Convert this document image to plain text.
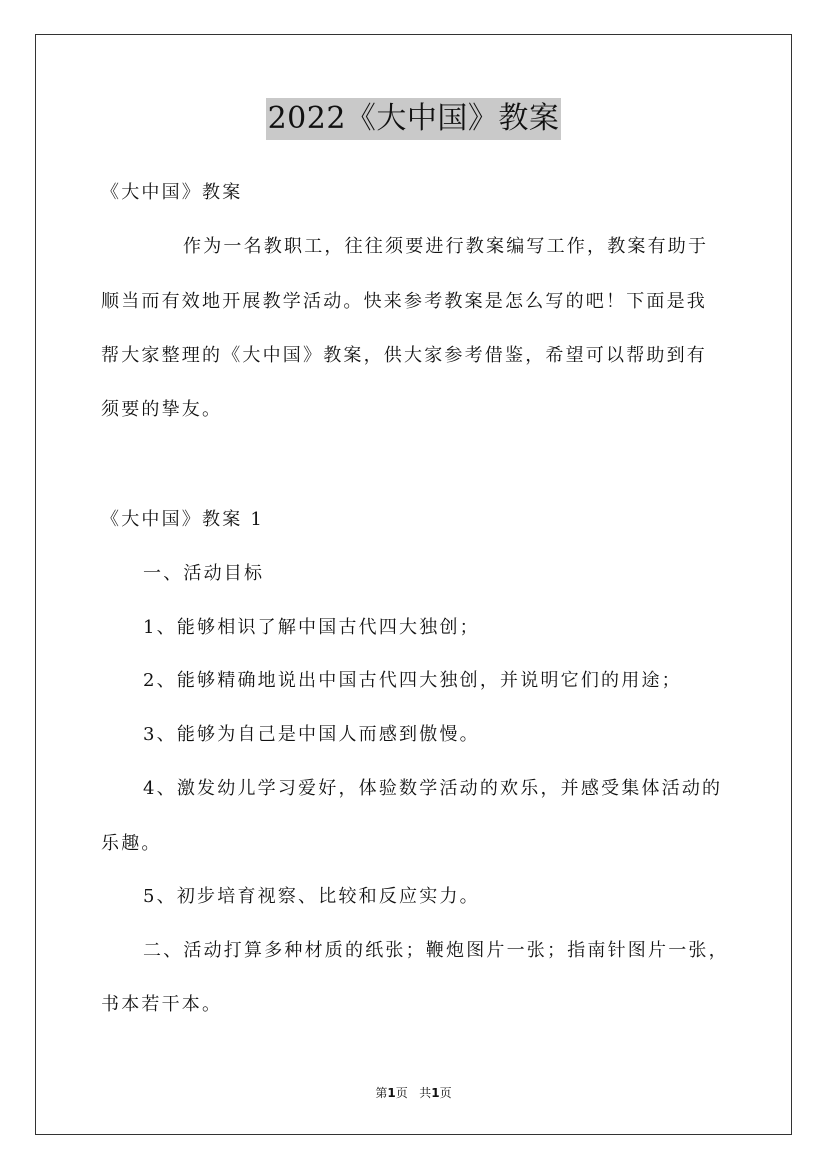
2022《大中国》教案
《大中国》教案
作为一名教职工，往往须要进行教案编写工作，教案有助于
顺当而有效地开展教学活动。快来参考教案是怎么写的吧！下面是我
帮大家整理的《大中国》教案，供大家参考借鉴，希望可以帮助到有
须要的挚友。
《大中国》教案 1
一、活动目标
1、能够相识了解中国古代四大独创；
2、能够精确地说出中国古代四大独创，并说明它们的用途；
3、能够为自己是中国人而感到傲慢。
4、激发幼儿学习爱好，体验数学活动的欢乐，并感受集体活动的
乐趣。
5、初步培育视察、比较和反应实力。
二、活动打算多种材质的纸张；鞭炮图片一张；指南针图片一张，
书本若干本。
第1页 共1页
